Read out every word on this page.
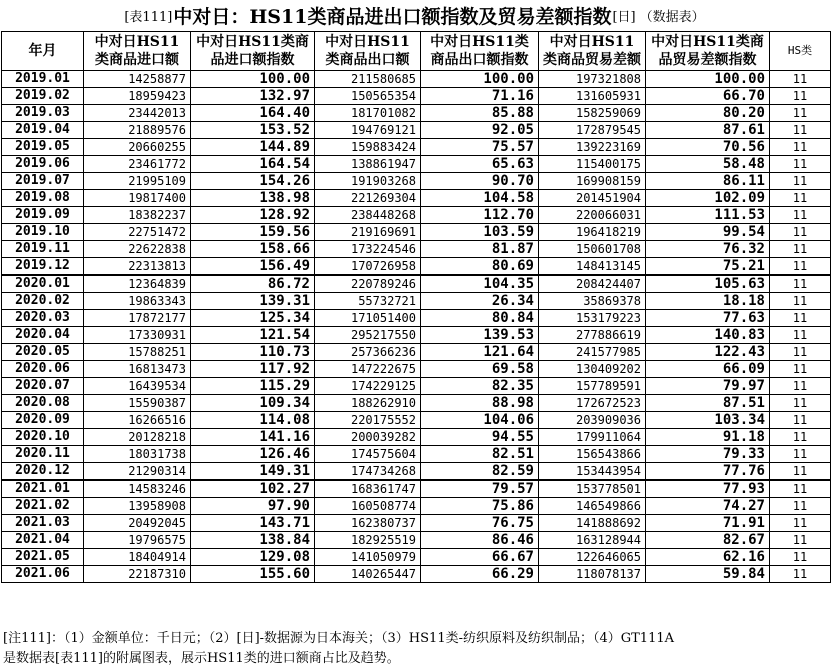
[表111] 中对日：HS11类商品进出口额指数及贸易差额指数 [日] （数据表）
年月	中对日HS11类商品进口额	中对日HS11类商品进口额指数	中对日HS11类商品出口额	中对日HS11类商品出口额指数	中对日HS11类商品贸易差额	中对日HS11类商品贸易差额指数	HS类
2019.01	14258877	100.00	211580685	100.00	197321808	100.00	11
2019.02	18959423	132.97	150565354	71.16	131605931	66.70	11
2019.03	23442013	164.40	181701082	85.88	158259069	80.20	11
2019.04	21889576	153.52	194769121	92.05	172879545	87.61	11
2019.05	20660255	144.89	159883424	75.57	139223169	70.56	11
2019.06	23461772	164.54	138861947	65.63	115400175	58.48	11
2019.07	21995109	154.26	191903268	90.70	169908159	86.11	11
2019.08	19817400	138.98	221269304	104.58	201451904	102.09	11
2019.09	18382237	128.92	238448268	112.70	220066031	111.53	11
2019.10	22751472	159.56	219169691	103.59	196418219	99.54	11
2019.11	22622838	158.66	173224546	81.87	150601708	76.32	11
2019.12	22313813	156.49	170726958	80.69	148413145	75.21	11
2020.01	12364839	86.72	220789246	104.35	208424407	105.63	11
2020.02	19863343	139.31	55732721	26.34	35869378	18.18	11
2020.03	17872177	125.34	171051400	80.84	153179223	77.63	11
2020.04	17330931	121.54	295217550	139.53	277886619	140.83	11
2020.05	15788251	110.73	257366236	121.64	241577985	122.43	11
2020.06	16813473	117.92	147222675	69.58	130409202	66.09	11
2020.07	16439534	115.29	174229125	82.35	157789591	79.97	11
2020.08	15590387	109.34	188262910	88.98	172672523	87.51	11
2020.09	16266516	114.08	220175552	104.06	203909036	103.34	11
2020.10	20128218	141.16	200039282	94.55	179911064	91.18	11
2020.11	18031738	126.46	174575604	82.51	156543866	79.33	11
2020.12	21290314	149.31	174734268	82.59	153443954	77.76	11
2021.01	14583246	102.27	168361747	79.57	153778501	77.93	11
2021.02	13958908	97.90	160508774	75.86	146549866	74.27	11
2021.03	20492045	143.71	162380737	76.75	141888692	71.91	11
2021.04	19796575	138.84	182925519	86.46	163128944	82.67	11
2021.05	18404914	129.08	141050979	66.67	122646065	62.16	11
2021.06	22187310	155.60	140265447	66.29	118078137	59.84	11
[注111]：（1）金额单位：千日元；（2）[日]-数据源为日本海关；（3）HS11类-纺织原料及纺织制品；（4）GT111A
是数据表[表111]的附属图表，展示HS11类的进口额商占比及趋势。
